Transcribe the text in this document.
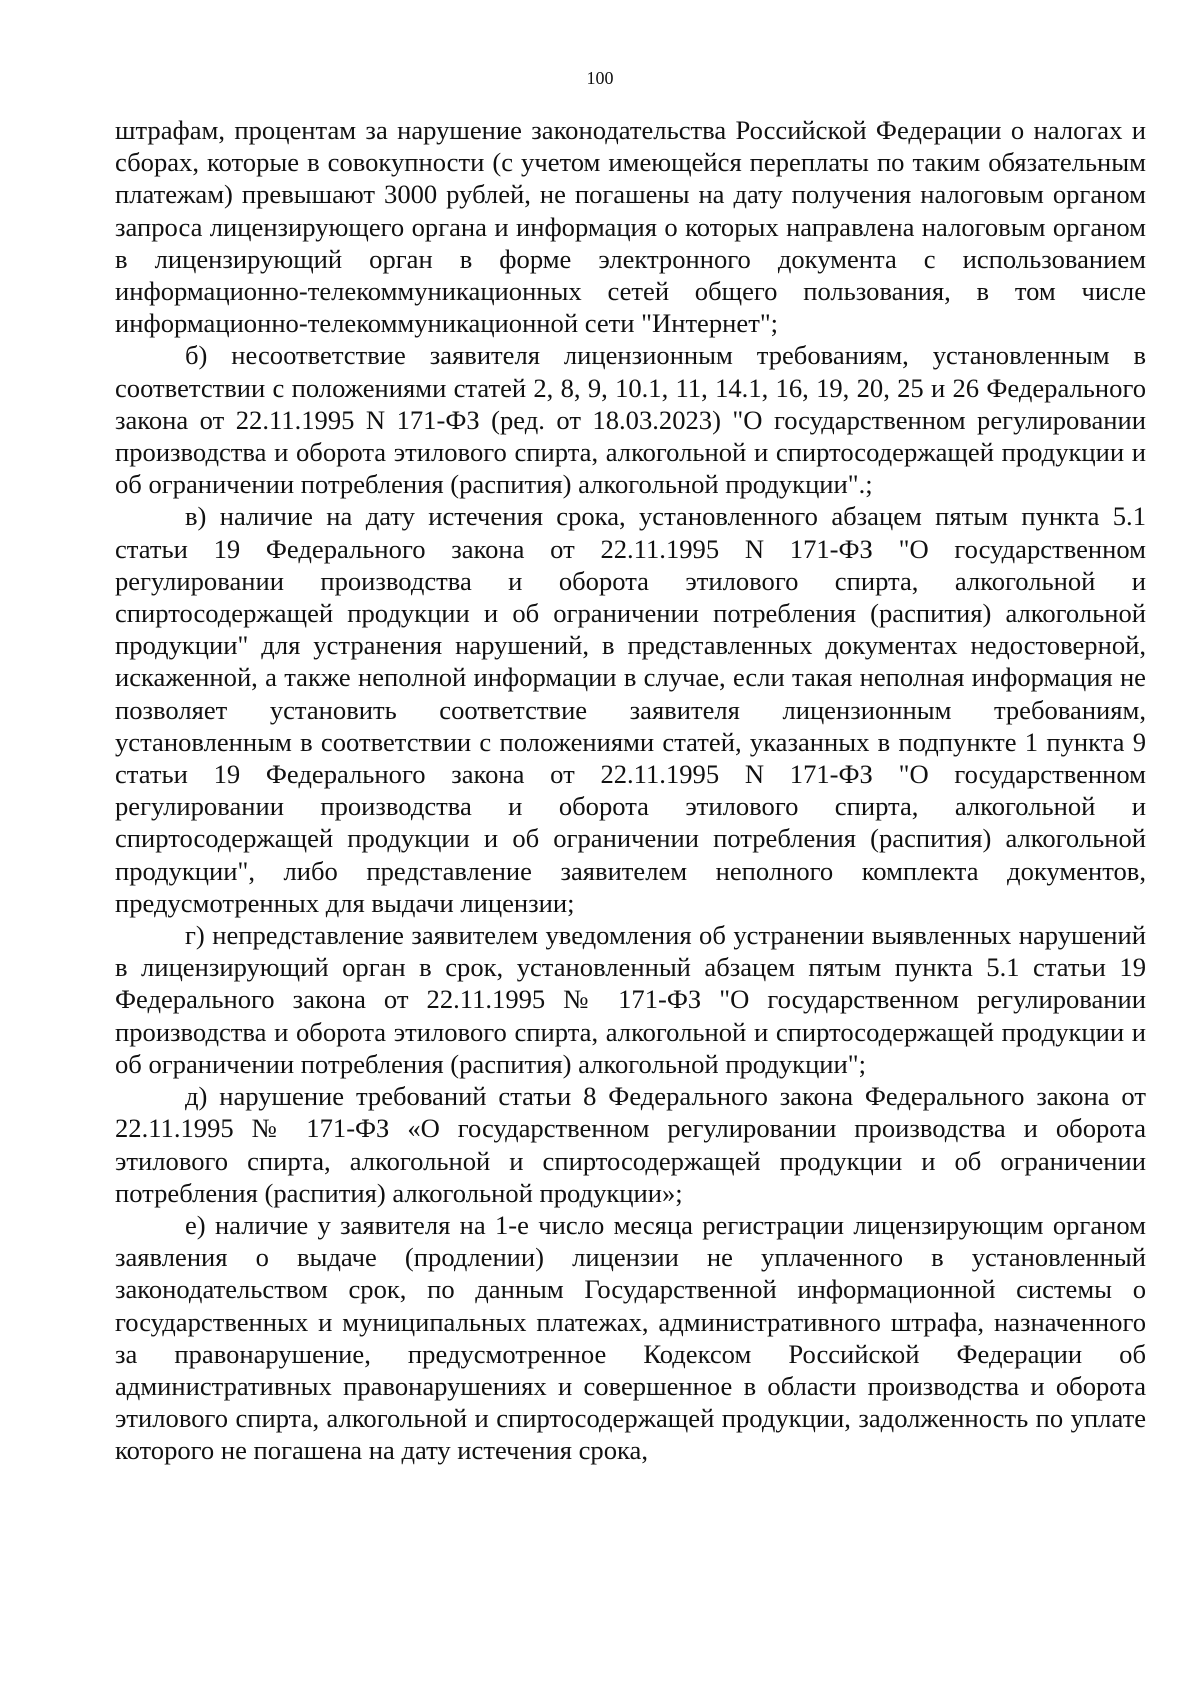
100

штрафам, процентам за нарушение законодательства Российской Федерации о налогах и сборах, которые в совокупности (с учетом имеющейся переплаты по таким обязательным платежам) превышают 3000 рублей, не погашены на дату получения налоговым органом запроса лицензирующего органа и информация о которых направлена налоговым органом в лицензирующий орган в форме электронного документа с использованием информационно-телекоммуникационных сетей общего пользования, в том числе информационно-телекоммуникационной сети "Интернет";

б) несоответствие заявителя лицензионным требованиям, установленным в соответствии с положениями статей 2, 8, 9, 10.1, 11, 14.1, 16, 19, 20, 25 и 26 Федерального закона от 22.11.1995 N 171-ФЗ (ред. от 18.03.2023) "О государственном регулировании производства и оборота этилового спирта, алкогольной и спиртосодержащей продукции и об ограничении потребления (распития) алкогольной продукции".;

в) наличие на дату истечения срока, установленного абзацем пятым пункта 5.1 статьи 19 Федерального закона от 22.11.1995 N 171-ФЗ "О государственном регулировании производства и оборота этилового спирта, алкогольной и спиртосодержащей продукции и об ограничении потребления (распития) алкогольной продукции" для устранения нарушений, в представленных документах недостоверной, искаженной, а также неполной информации в случае, если такая неполная информация не позволяет установить соответствие заявителя лицензионным требованиям, установленным в соответствии с положениями статей, указанных в подпункте 1 пункта 9 статьи 19 Федерального закона от 22.11.1995 N 171-ФЗ "О государственном регулировании производства и оборота этилового спирта, алкогольной и спиртосодержащей продукции и об ограничении потребления (распития) алкогольной продукции", либо представление заявителем неполного комплекта документов, предусмотренных для выдачи лицензии;

г) непредставление заявителем уведомления об устранении выявленных нарушений в лицензирующий орган в срок, установленный абзацем пятым пункта 5.1 статьи 19 Федерального закона от 22.11.1995 № 171-ФЗ "О государственном регулировании производства и оборота этилового спирта, алкогольной и спиртосодержащей продукции и об ограничении потребления (распития) алкогольной продукции";

д) нарушение требований статьи 8 Федерального закона Федерального закона от 22.11.1995 № 171-ФЗ «О государственном регулировании производства и оборота этилового спирта, алкогольной и спиртосодержащей продукции и об ограничении потребления (распития) алкогольной продукции»;

е) наличие у заявителя на 1-е число месяца регистрации лицензирующим органом заявления о выдаче (продлении) лицензии не уплаченного в установленный законодательством срок, по данным Государственной информационной системы о государственных и муниципальных платежах, административного штрафа, назначенного за правонарушение, предусмотренное Кодексом Российской Федерации об административных правонарушениях и совершенное в области производства и оборота этилового спирта, алкогольной и спиртосодержащей продукции, задолженность по уплате которого не погашена на дату истечения срока,
